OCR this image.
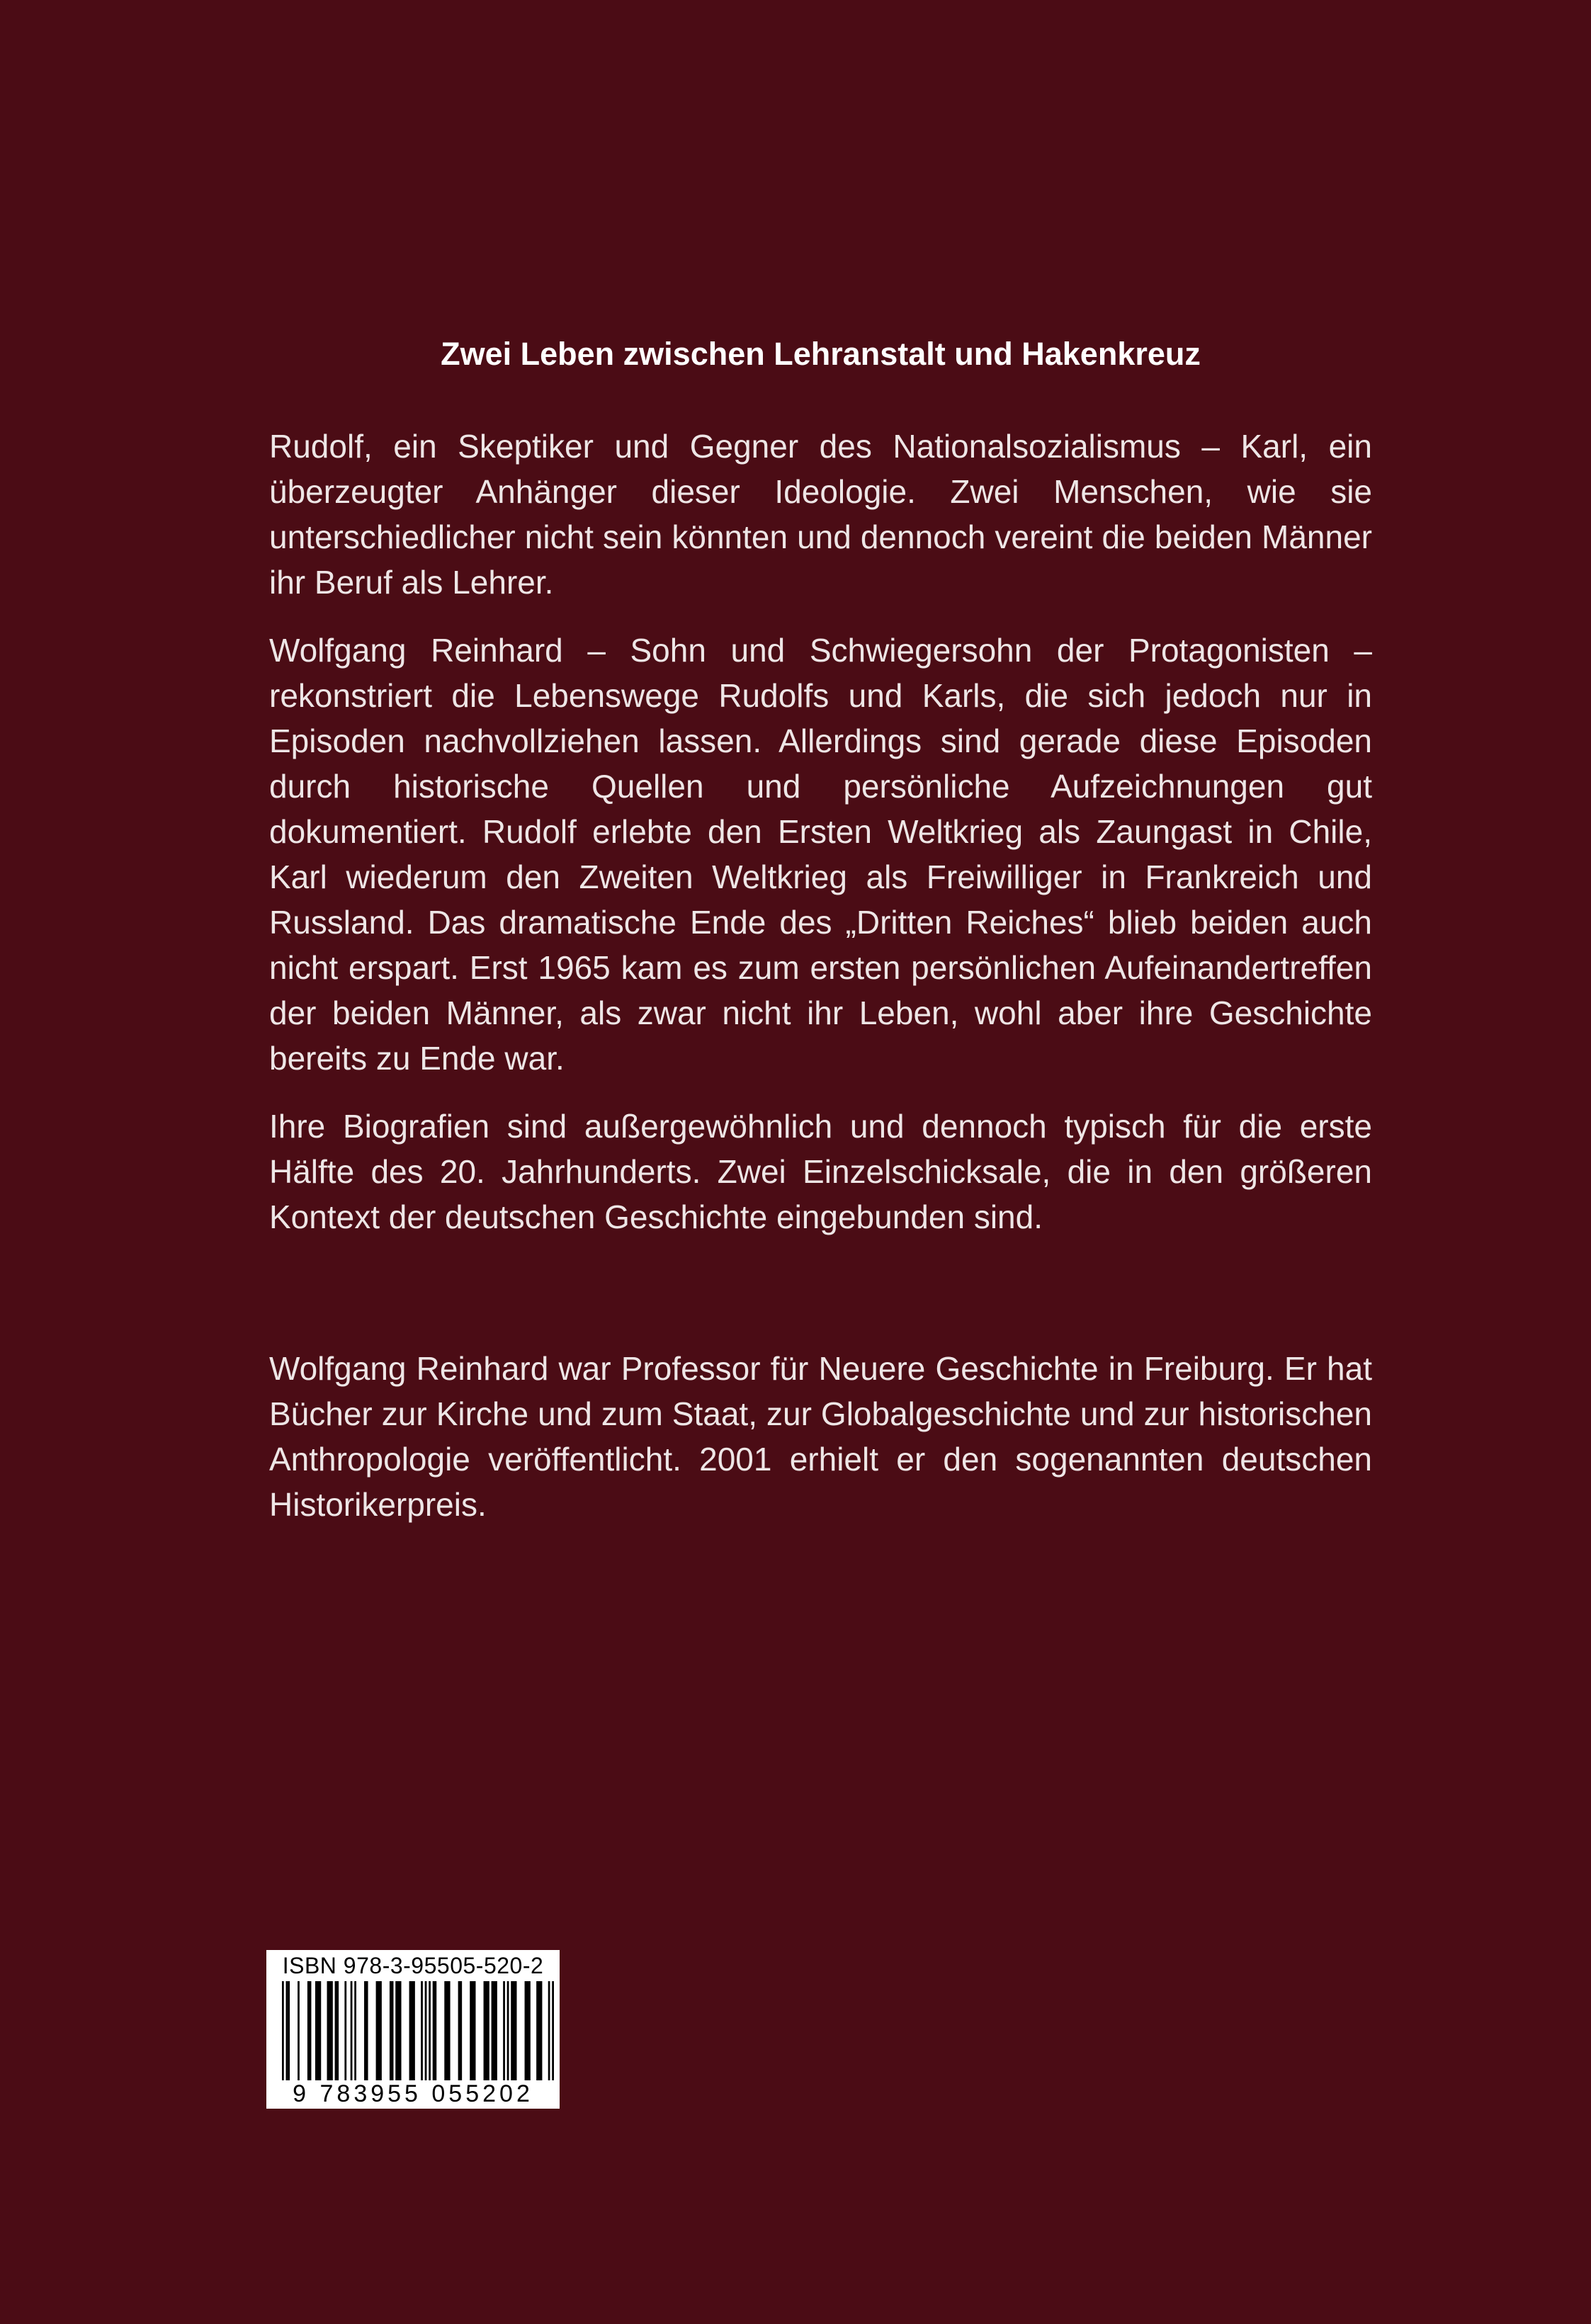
Zwei Leben zwischen Lehranstalt und Hakenkreuz

Rudolf, ein Skeptiker und Gegner des Nationalsozialismus – Karl, ein überzeugter Anhänger dieser Ideologie. Zwei Menschen, wie sie unterschiedlicher nicht sein könnten und dennoch vereint die beiden Männer ihr Beruf als Lehrer.

Wolfgang Reinhard – Sohn und Schwiegersohn der Protagonisten – rekonstriert die Lebenswege Rudolfs und Karls, die sich jedoch nur in Episoden nachvollziehen lassen. Allerdings sind gerade diese Episoden durch historische Quellen und persönliche Aufzeichnungen gut dokumentiert. Rudolf erlebte den Ersten Weltkrieg als Zaungast in Chile, Karl wiederum den Zweiten Weltkrieg als Freiwilliger in Frankreich und Russland. Das dramatische Ende des „Dritten Reiches“ blieb beiden auch nicht erspart. Erst 1965 kam es zum ersten persönlichen Aufeinandertreffen der beiden Männer, als zwar nicht ihr Leben, wohl aber ihre Geschichte bereits zu Ende war.

Ihre Biografien sind außergewöhnlich und dennoch typisch für die erste Hälfte des 20. Jahrhunderts. Zwei Einzelschicksale, die in den größeren Kontext der deutschen Geschichte eingebunden sind.

Wolfgang Reinhard war Professor für Neuere Geschichte in Freiburg. Er hat Bücher zur Kirche und zum Staat, zur Globalgeschichte und zur historischen Anthropologie veröffentlicht. 2001 erhielt er den sogenannten deutschen Historikerpreis.

ISBN 978-3-95505-520-2
9 783955 055202
